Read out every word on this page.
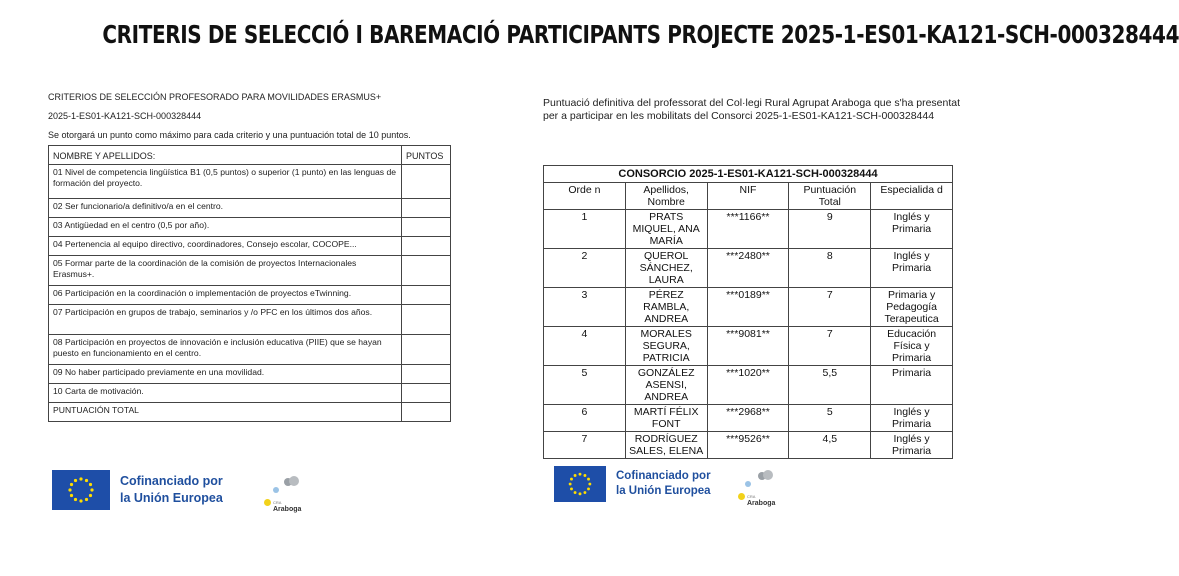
CRITERIS DE SELECCIÓ I BAREMACIÓ PARTICIPANTS PROJECTE 2025-1-ES01-KA121-SCH-000328444
CRITERIOS DE SELECCIÓN PROFESORADO PARA MOVILIDADES ERASMUS+
2025-1-ES01-KA121-SCH-000328444
Se otorgará un punto como máximo para cada criterio y una puntuación total de 10 puntos.
NOMBRE Y APELLIDOS:	PUNTOS
01 Nivel de competencia lingüística B1 (0,5 puntos) o superior (1 punto) en las lenguas de formación del proyecto.	
02 Ser funcionario/a definitivo/a en el centro.	
03 Antigüedad en el centro (0,5 por año).	
04 Pertenencia al equipo directivo, coordinadores, Consejo escolar, COCOPE...	
05 Formar parte de la coordinación de la comisión de proyectos Internacionales Erasmus+.	
06 Participación en la coordinación o implementación de proyectos eTwinning.	
07 Participación en grupos de trabajo, seminarios y /o PFC en los últimos dos años.	
08 Participación en proyectos de innovación e inclusión educativa (PIIE) que se hayan puesto en funcionamiento en el centro.	
09 No haber participado previamente en una movilidad.	
10 Carta de motivación.	
PUNTUACIÓN TOTAL	
Puntuació definitiva del professorat del Col·legi Rural Agrupat Araboga que s'ha presentat per a participar en les mobilitats del Consorci 2025-1-ES01-KA121-SCH-000328444
CONSORCIO 2025-1-ES01-KA121-SCH-000328444				
Orde n	Apellidos, Nombre	NIF	Puntuación Total	Especialida d
1	PRATS MIQUEL, ANA MARÍA	***1166**	9	Inglés y Primaria
2	QUEROL SÁNCHEZ, LAURA	***2480**	8	Inglés y Primaria
3	PÉREZ RAMBLA, ANDREA	***0189**	7	Primaria y Pedagogía Terapeutica
4	MORALES SEGURA, PATRICIA	***9081**	7	Educación Física y Primaria
5	GONZÁLEZ ASENSI, ANDREA	***1020**	5,5	Primaria
6	MARTÍ FÉLIX FONT	***2968**	5	Inglés y Primaria
7	RODRÍGUEZ SALES, ELENA	***9526**	4,5	Inglés y Primaria
Cofinanciado por
la Unión Europea	CRA
Araboga
Cofinanciado por
la Unión Europea	CRA
Araboga
